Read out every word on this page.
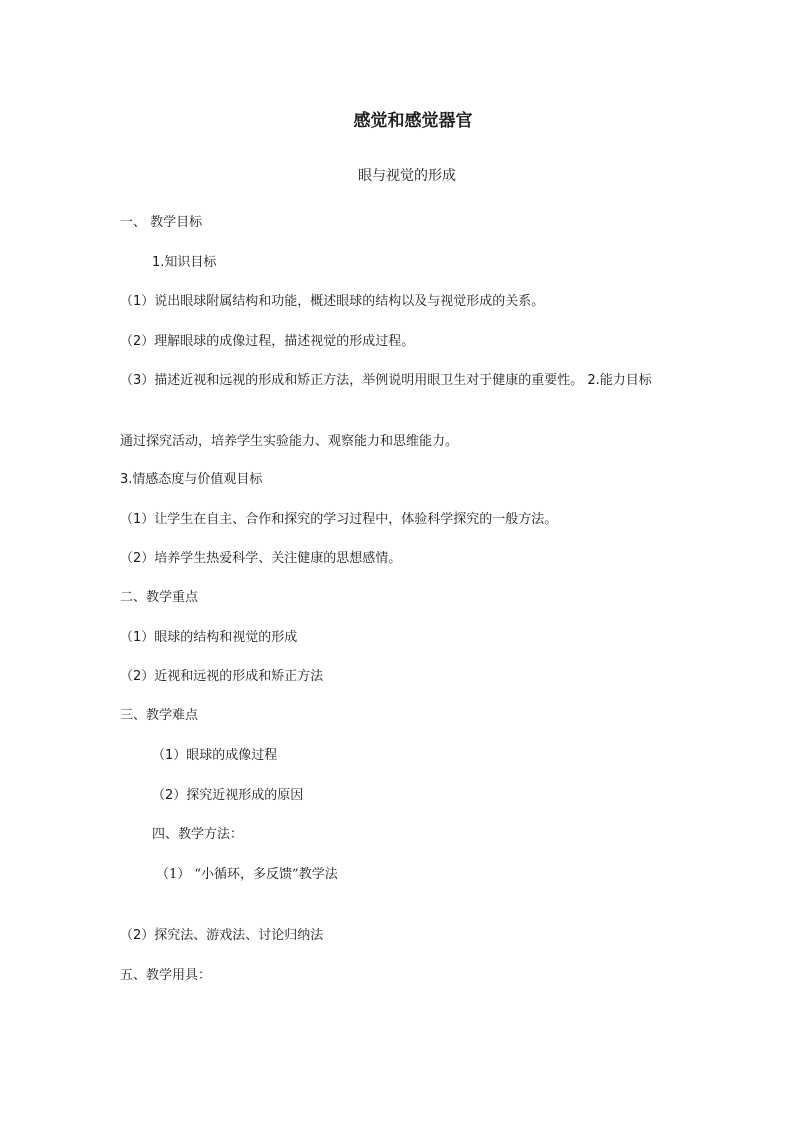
感觉和感觉器官
眼与视觉的形成
一、 教学目标
1.知识目标
（1）说出眼球附属结构和功能，概述眼球的结构以及与视觉形成的关系。
（2）理解眼球的成像过程，描述视觉的形成过程。
（3）描述近视和远视的形成和矫正方法，举例说明用眼卫生对于健康的重要性。 2.能力目标
通过探究活动，培养学生实验能力、观察能力和思维能力。
3.情感态度与价值观目标
（1）让学生在自主、合作和探究的学习过程中，体验科学探究的一般方法。
（2）培养学生热爱科学、关注健康的思想感情。
二、教学重点
（1）眼球的结构和视觉的形成
（2）近视和远视的形成和矫正方法
三、教学难点
（1）眼球的成像过程
（2）探究近视形成的原因
四、教学方法：
（1） “小循环，多反馈”教学法
（2）探究法、游戏法、讨论归纳法
五、教学用具：
